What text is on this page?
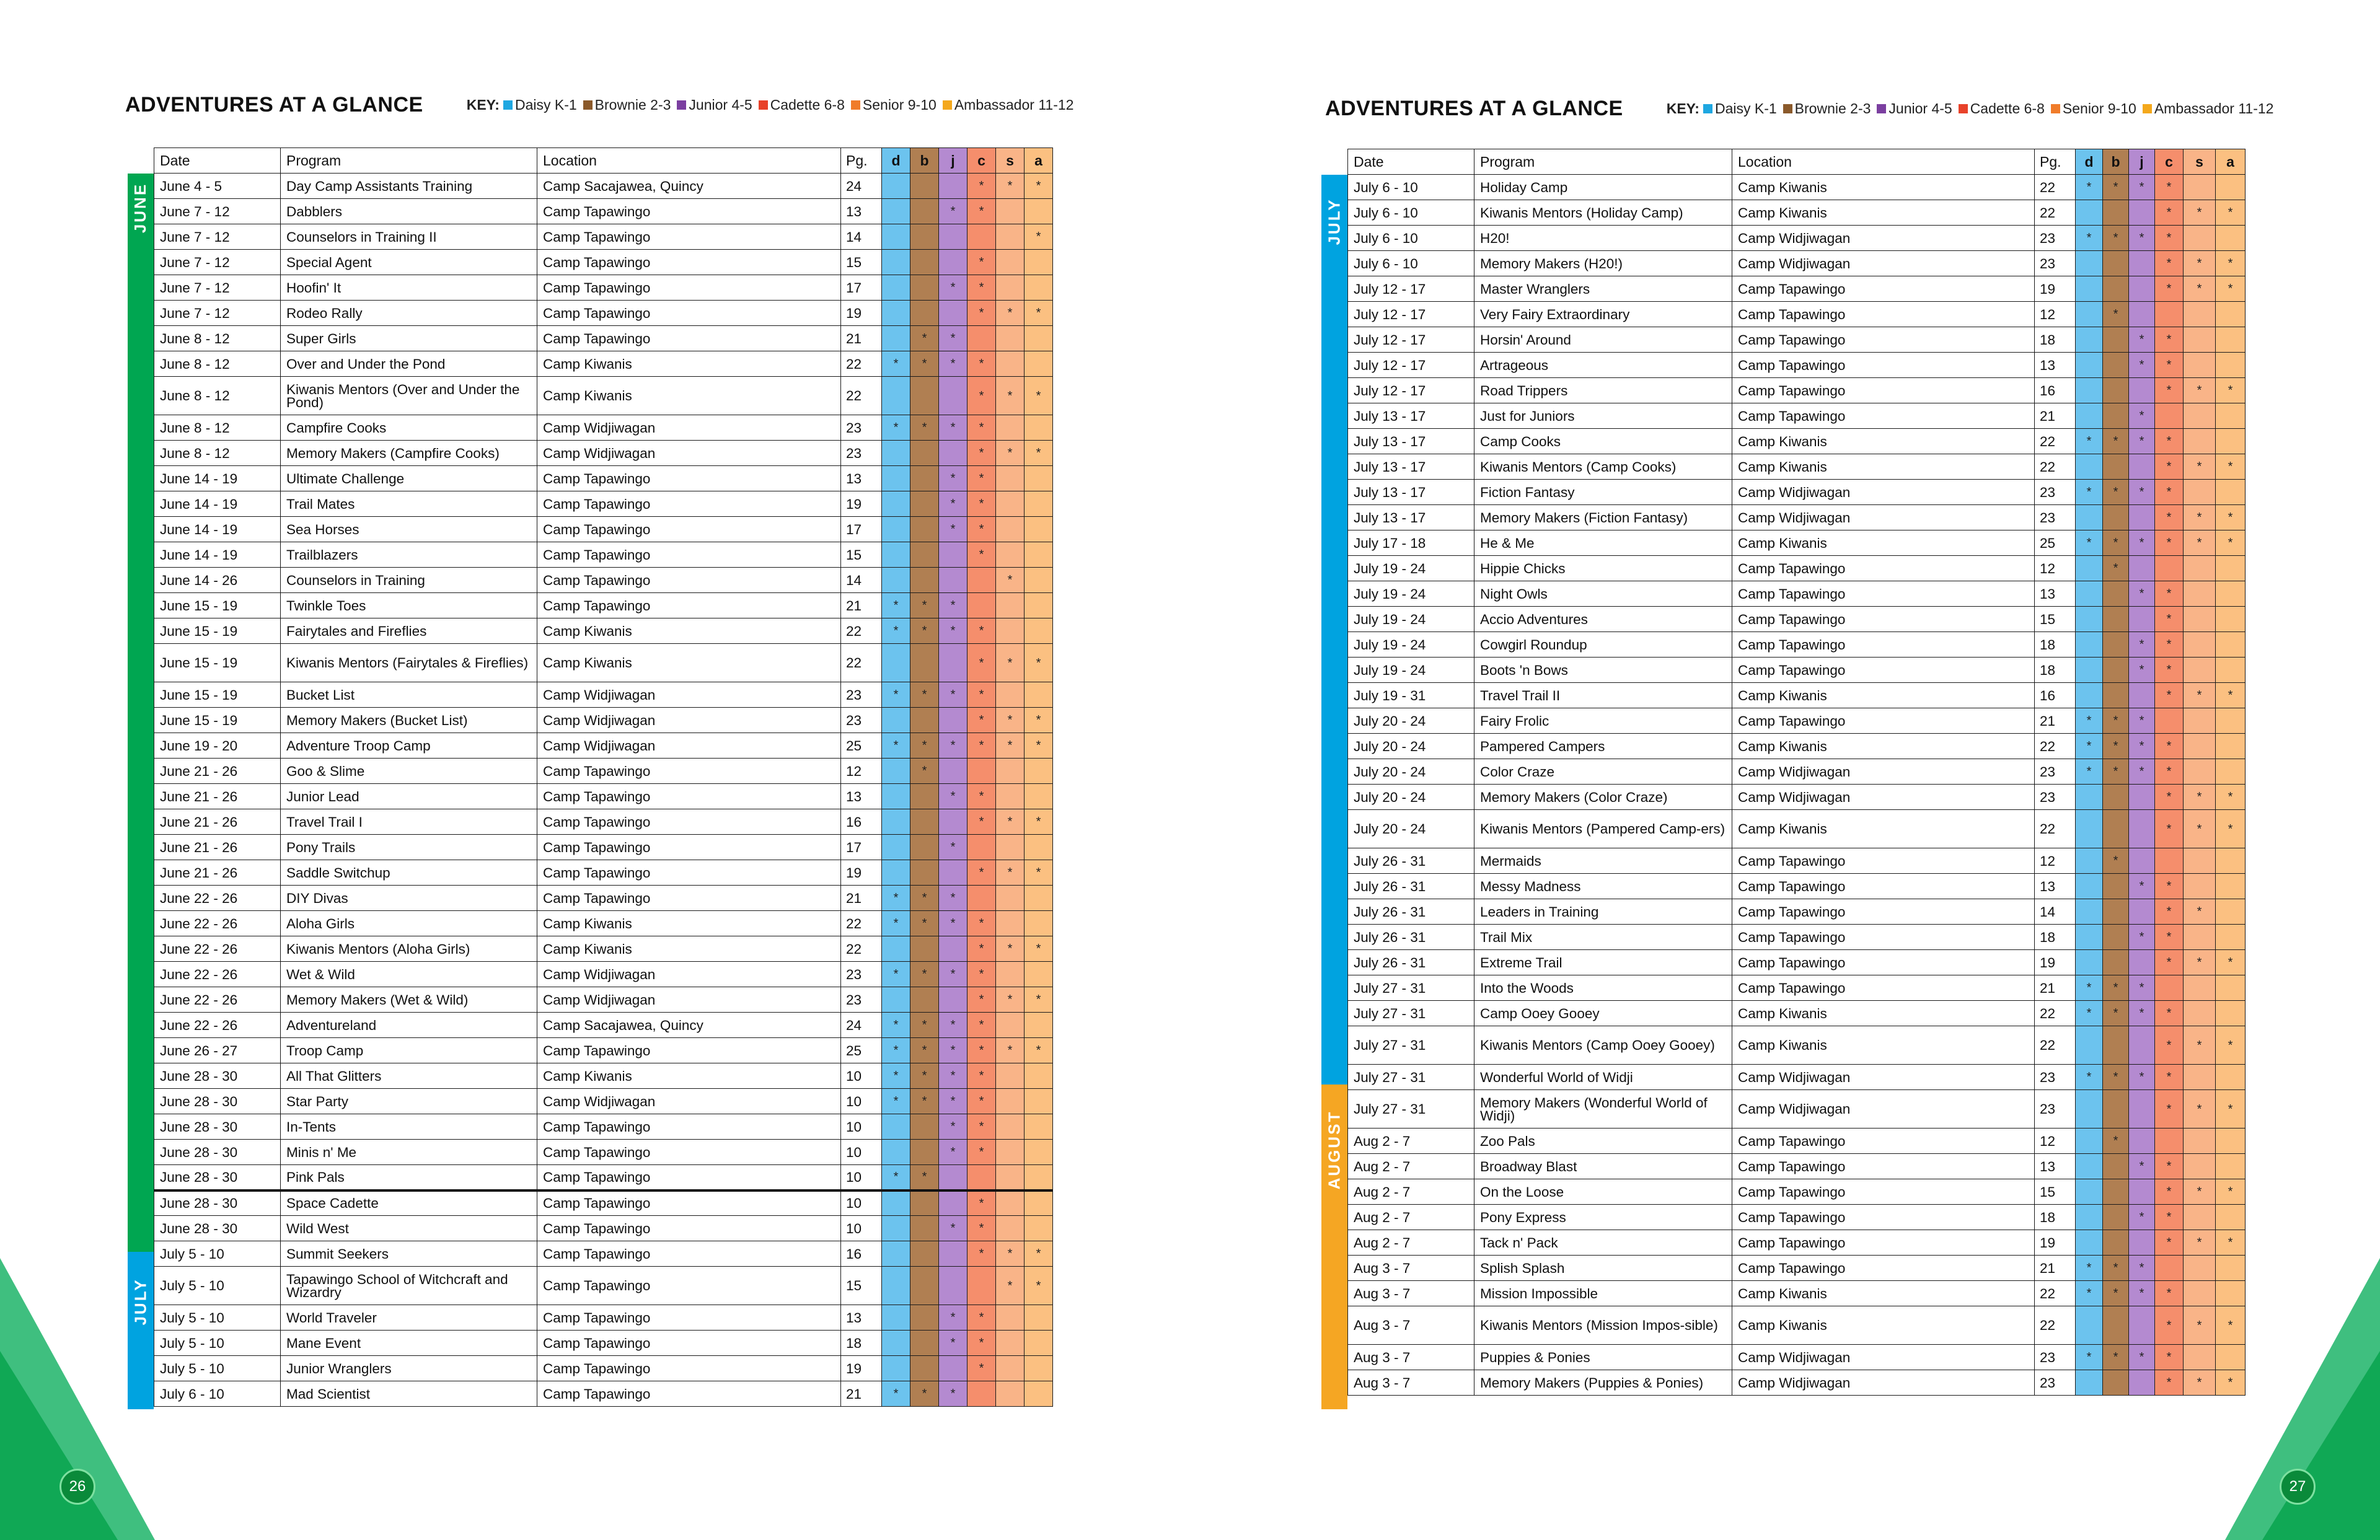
ADVENTURES AT A GLANCE	KEY: Daisy K-1 Brownie 2-3 Junior 4-5 Cadette 6-8 Senior 9-10 Ambassador 11-12
JUNE
JULY
Date	Program	Location	Pg.	d	b	j	c	s	a
June 4 - 5	Day Camp Assistants Training	Camp Sacajawea, Quincy	24				*	*	*
June 7 - 12	Dabblers	Camp Tapawingo	13			*	*		
June 7 - 12	Counselors in Training II	Camp Tapawingo	14						*
June 7 - 12	Special Agent	Camp Tapawingo	15				*		
June 7 - 12	Hoofin' It	Camp Tapawingo	17			*	*		
June 7 - 12	Rodeo Rally	Camp Tapawingo	19				*	*	*
June 8 - 12	Super Girls	Camp Tapawingo	21		*	*			
June 8 - 12	Over and Under the Pond	Camp Kiwanis	22	*	*	*	*		
June 8 - 12	Kiwanis Mentors (Over and Under the Pond)	Camp Kiwanis	22				*	*	*
June 8 - 12	Campfire Cooks	Camp Widjiwagan	23	*	*	*	*		
June 8 - 12	Memory Makers (Campfire Cooks)	Camp Widjiwagan	23				*	*	*
June 14 - 19	Ultimate Challenge	Camp Tapawingo	13			*	*		
June 14 - 19	Trail Mates	Camp Tapawingo	19			*	*		
June 14 - 19	Sea Horses	Camp Tapawingo	17			*	*		
June 14 - 19	Trailblazers	Camp Tapawingo	15				*		
June 14 - 26	Counselors in Training	Camp Tapawingo	14					*	
June 15 - 19	Twinkle Toes	Camp Tapawingo	21	*	*	*			
June 15 - 19	Fairytales and Fireflies	Camp Kiwanis	22	*	*	*	*		
June 15 - 19	Kiwanis Mentors (Fairytales & Fireflies)	Camp Kiwanis	22				*	*	*
June 15 - 19	Bucket List	Camp Widjiwagan	23	*	*	*	*		
June 15 - 19	Memory Makers (Bucket List)	Camp Widjiwagan	23				*	*	*
June 19 - 20	Adventure Troop Camp	Camp Widjiwagan	25	*	*	*	*	*	*
June 21 - 26	Goo & Slime	Camp Tapawingo	12		*				
June 21 - 26	Junior Lead	Camp Tapawingo	13			*	*		
June 21 - 26	Travel Trail I	Camp Tapawingo	16				*	*	*
June 21 - 26	Pony Trails	Camp Tapawingo	17			*			
June 21 - 26	Saddle Switchup	Camp Tapawingo	19				*	*	*
June 22 - 26	DIY Divas	Camp Tapawingo	21	*	*	*			
June 22 - 26	Aloha Girls	Camp Kiwanis	22	*	*	*	*		
June 22 - 26	Kiwanis Mentors (Aloha Girls)	Camp Kiwanis	22				*	*	*
June 22 - 26	Wet & Wild	Camp Widjiwagan	23	*	*	*	*		
June 22 - 26	Memory Makers (Wet & Wild)	Camp Widjiwagan	23				*	*	*
June 22 - 26	Adventureland	Camp Sacajawea, Quincy	24	*	*	*	*		
June 26 - 27	Troop Camp	Camp Tapawingo	25	*	*	*	*	*	*
June 28 - 30	All That Glitters	Camp Kiwanis	10	*	*	*	*		
June 28 - 30	Star Party	Camp Widjiwagan	10	*	*	*	*		
June 28 - 30	In-Tents	Camp Tapawingo	10			*	*		
June 28 - 30	Minis n' Me	Camp Tapawingo	10			*	*		
June 28 - 30	Pink Pals	Camp Tapawingo	10	*	*				
June 28 - 30	Space Cadette	Camp Tapawingo	10				*		
June 28 - 30	Wild West	Camp Tapawingo	10			*	*		
July 5 - 10	Summit Seekers	Camp Tapawingo	16				*	*	*
July 5 - 10	Tapawingo School of Witchcraft and Wizardry	Camp Tapawingo	15					*	*
July 5 - 10	World Traveler	Camp Tapawingo	13			*	*		
July 5 - 10	Mane Event	Camp Tapawingo	18			*	*		
July 5 - 10	Junior Wranglers	Camp Tapawingo	19				*		
July 6 - 10	Mad Scientist	Camp Tapawingo	21	*	*	*			
26
ADVENTURES AT A GLANCE	KEY: Daisy K-1 Brownie 2-3 Junior 4-5 Cadette 6-8 Senior 9-10 Ambassador 11-12
JULY
AUGUST
Date	Program	Location	Pg.	d	b	j	c	s	a
July 6 - 10	Holiday Camp	Camp Kiwanis	22	*	*	*	*		
July 6 - 10	Kiwanis Mentors (Holiday Camp)	Camp Kiwanis	22				*	*	*
July 6 - 10	H20!	Camp Widjiwagan	23	*	*	*	*		
July 6 - 10	Memory Makers (H20!)	Camp Widjiwagan	23				*	*	*
July 12 - 17	Master Wranglers	Camp Tapawingo	19				*	*	*
July 12 - 17	Very Fairy Extraordinary	Camp Tapawingo	12		*				
July 12 - 17	Horsin' Around	Camp Tapawingo	18			*	*		
July 12 - 17	Artrageous	Camp Tapawingo	13			*	*		
July 12 - 17	Road Trippers	Camp Tapawingo	16				*	*	*
July 13 - 17	Just for Juniors	Camp Tapawingo	21			*			
July 13 - 17	Camp Cooks	Camp Kiwanis	22	*	*	*	*		
July 13 - 17	Kiwanis Mentors (Camp Cooks)	Camp Kiwanis	22				*	*	*
July 13 - 17	Fiction Fantasy	Camp Widjiwagan	23	*	*	*	*		
July 13 - 17	Memory Makers (Fiction Fantasy)	Camp Widjiwagan	23				*	*	*
July 17 - 18	He & Me	Camp Kiwanis	25	*	*	*	*	*	*
July 19 - 24	Hippie Chicks	Camp Tapawingo	12		*				
July 19 - 24	Night Owls	Camp Tapawingo	13			*	*		
July 19 - 24	Accio Adventures	Camp Tapawingo	15				*		
July 19 - 24	Cowgirl Roundup	Camp Tapawingo	18			*	*		
July 19 - 24	Boots 'n Bows	Camp Tapawingo	18			*	*		
July 19 - 31	Travel Trail II	Camp Kiwanis	16				*	*	*
July 20 - 24	Fairy Frolic	Camp Tapawingo	21	*	*	*			
July 20 - 24	Pampered Campers	Camp Kiwanis	22	*	*	*	*		
July 20 - 24	Color Craze	Camp Widjiwagan	23	*	*	*	*		
July 20 - 24	Memory Makers (Color Craze)	Camp Widjiwagan	23				*	*	*
July 20 - 24	Kiwanis Mentors (Pampered Camp-ers)	Camp Kiwanis	22				*	*	*
July 26 - 31	Mermaids	Camp Tapawingo	12		*				
July 26 - 31	Messy Madness	Camp Tapawingo	13			*	*		
July 26 - 31	Leaders in Training	Camp Tapawingo	14				*	*	
July 26 - 31	Trail Mix	Camp Tapawingo	18			*	*		
July 26 - 31	Extreme Trail	Camp Tapawingo	19				*	*	*
July 27 - 31	Into the Woods	Camp Tapawingo	21	*	*	*			
July 27 - 31	Camp Ooey Gooey	Camp Kiwanis	22	*	*	*	*		
July 27 - 31	Kiwanis Mentors (Camp Ooey Gooey)	Camp Kiwanis	22				*	*	*
July 27 - 31	Wonderful World of Widji	Camp Widjiwagan	23	*	*	*	*		
July 27 - 31	Memory Makers (Wonderful World of Widji)	Camp Widjiwagan	23				*	*	*
Aug 2 - 7	Zoo Pals	Camp Tapawingo	12		*				
Aug 2 - 7	Broadway Blast	Camp Tapawingo	13			*	*		
Aug 2 - 7	On the Loose	Camp Tapawingo	15				*	*	*
Aug 2 - 7	Pony Express	Camp Tapawingo	18			*	*		
Aug 2 - 7	Tack n' Pack	Camp Tapawingo	19				*	*	*
Aug 3 - 7	Splish Splash	Camp Tapawingo	21	*	*	*			
Aug 3 - 7	Mission Impossible	Camp Kiwanis	22	*	*	*	*		
Aug 3 - 7	Kiwanis Mentors (Mission Impos-sible)	Camp Kiwanis	22				*	*	*
Aug 3 - 7	Puppies & Ponies	Camp Widjiwagan	23	*	*	*	*		
Aug 3 - 7	Memory Makers (Puppies & Ponies)	Camp Widjiwagan	23				*	*	*
27
